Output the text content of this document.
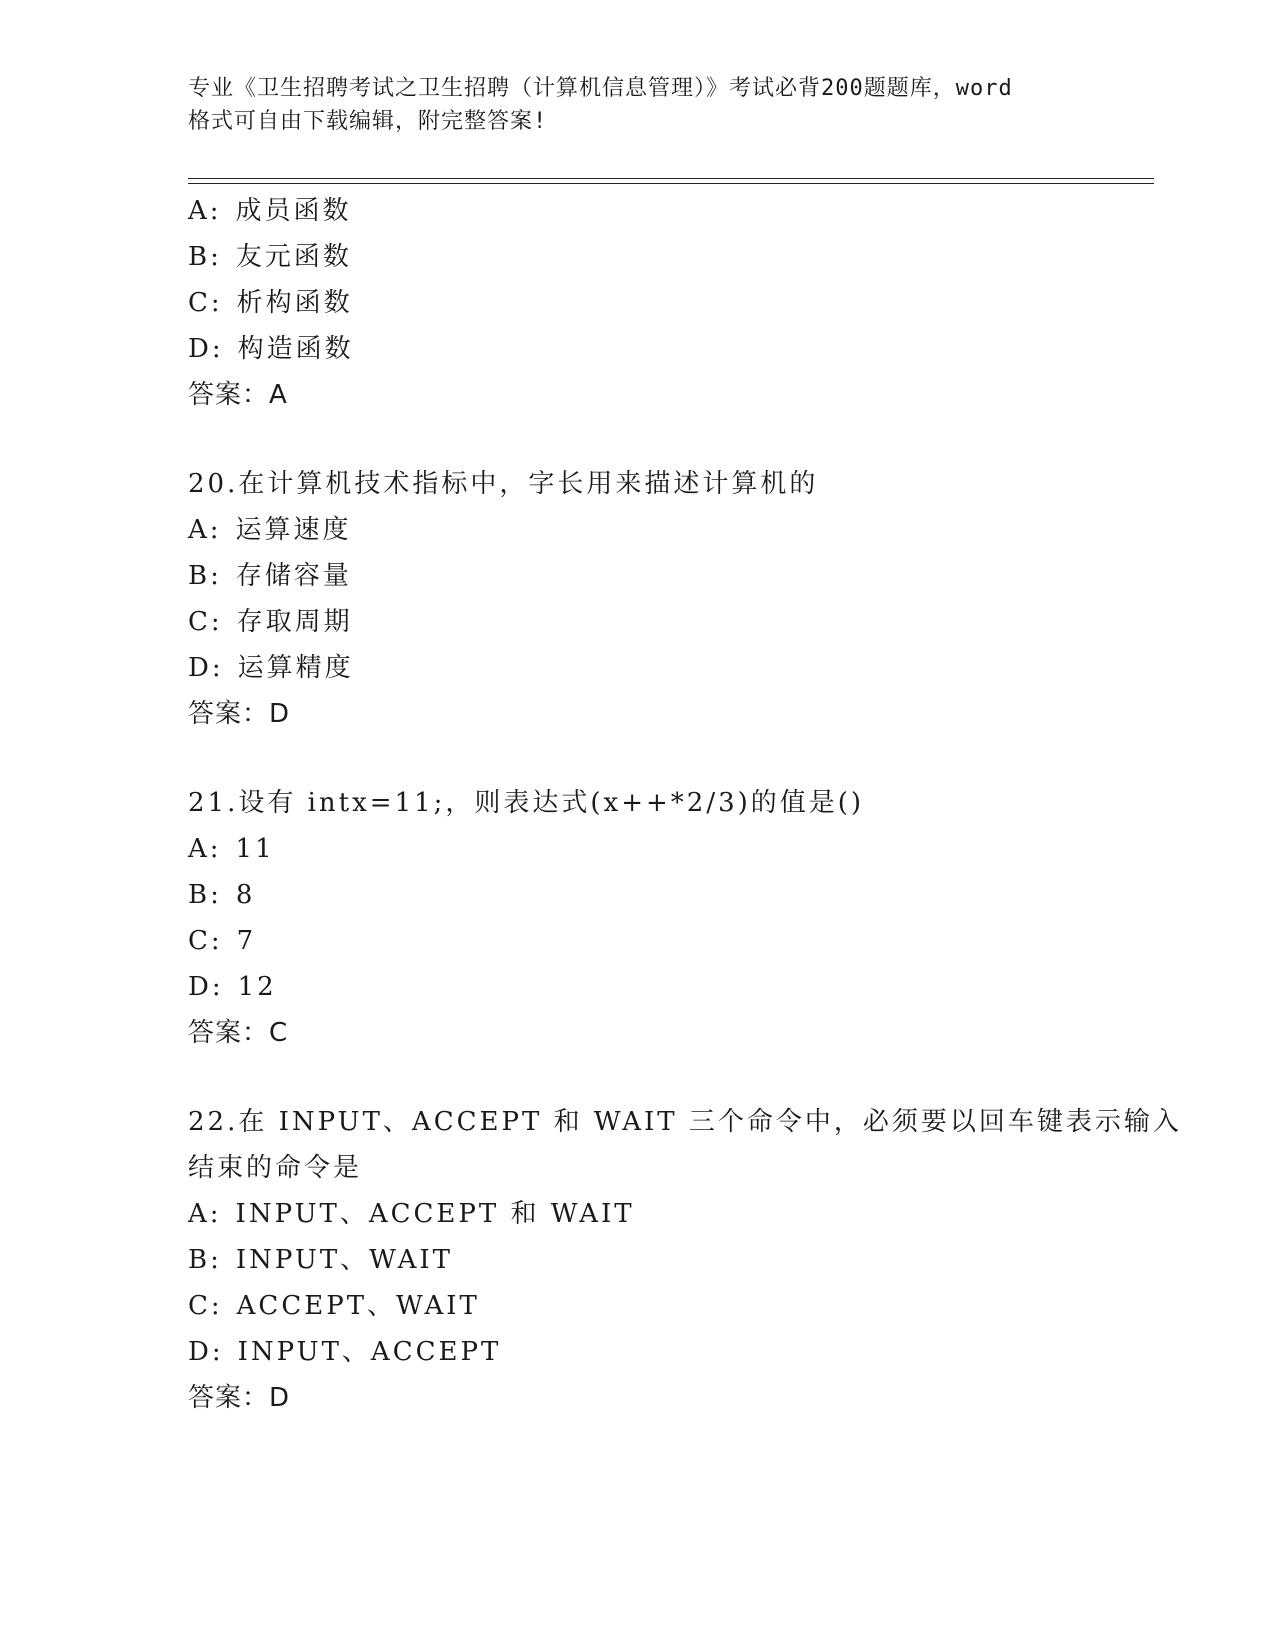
专业《卫生招聘考试之卫生招聘（计算机信息管理）》考试必背200题题库，word
格式可自由下载编辑，附完整答案!
A: 成员函数
B: 友元函数
C: 析构函数
D: 构造函数
答案：A
20.在计算机技术指标中，字长用来描述计算机的
A: 运算速度
B: 存储容量
C: 存取周期
D: 运算精度
答案：D
21.设有 intx=11;，则表达式(x++*2/3)的值是()
A: 11
B: 8
C: 7
D: 12
答案：C
22.在 INPUT、ACCEPT 和 WAIT 三个命令中，必须要以回车键表示输入
结束的命令是
A: INPUT、ACCEPT 和 WAIT
B: INPUT、WAIT
C: ACCEPT、WAIT
D: INPUT、ACCEPT
答案：D
